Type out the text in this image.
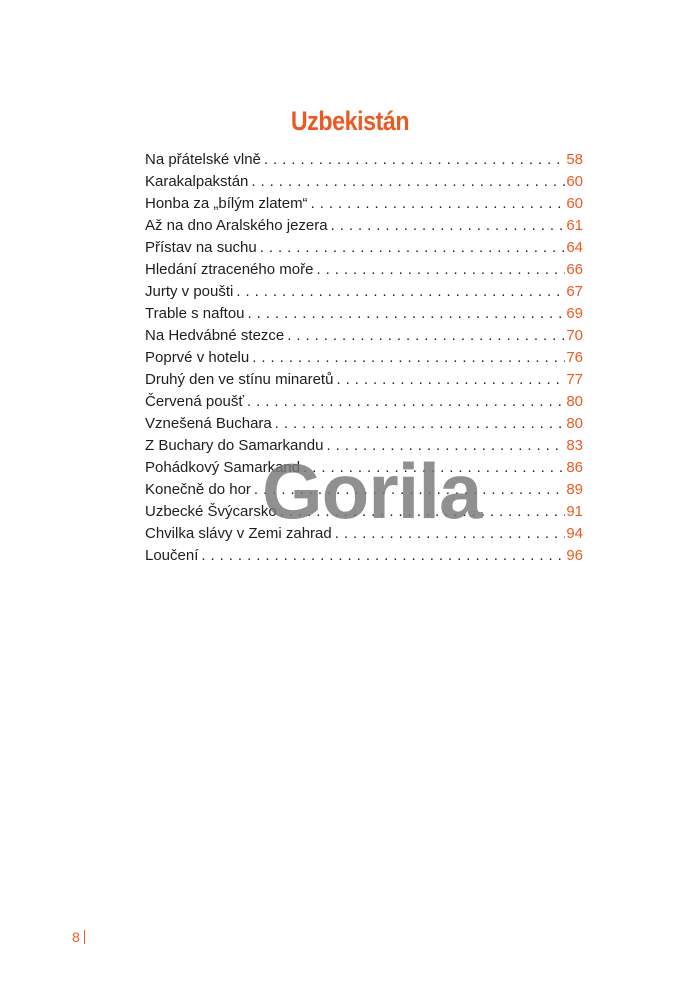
Uzbekistán
Na přátelské vlně . . .	58
Karakalpakstán . . .	60
Honba za „bílým zlatem“ . . .	60
Až na dno Aralského jezera . . .	61
Přístav na suchu . . .	64
Hledání ztraceného moře . . .	66
Jurty v poušti . . .	67
Trable s naftou . . .	69
Na Hedvábné stezce . . .	70
Poprvé v hotelu . . .	76
Druhý den ve stínu minaretů . . .	77
Červená poušť . . .	80
Vznešená Buchara . . .	80
Z Buchary do Samarkandu . . .	83
Pohádkový Samarkand . . .	86
Konečně do hor . . .	89
Uzbecké Švýcarsko . . .	91
Chvilka slávy v Zemi zahrad . . .	94
Loučení . . .	96
Gorila
8
